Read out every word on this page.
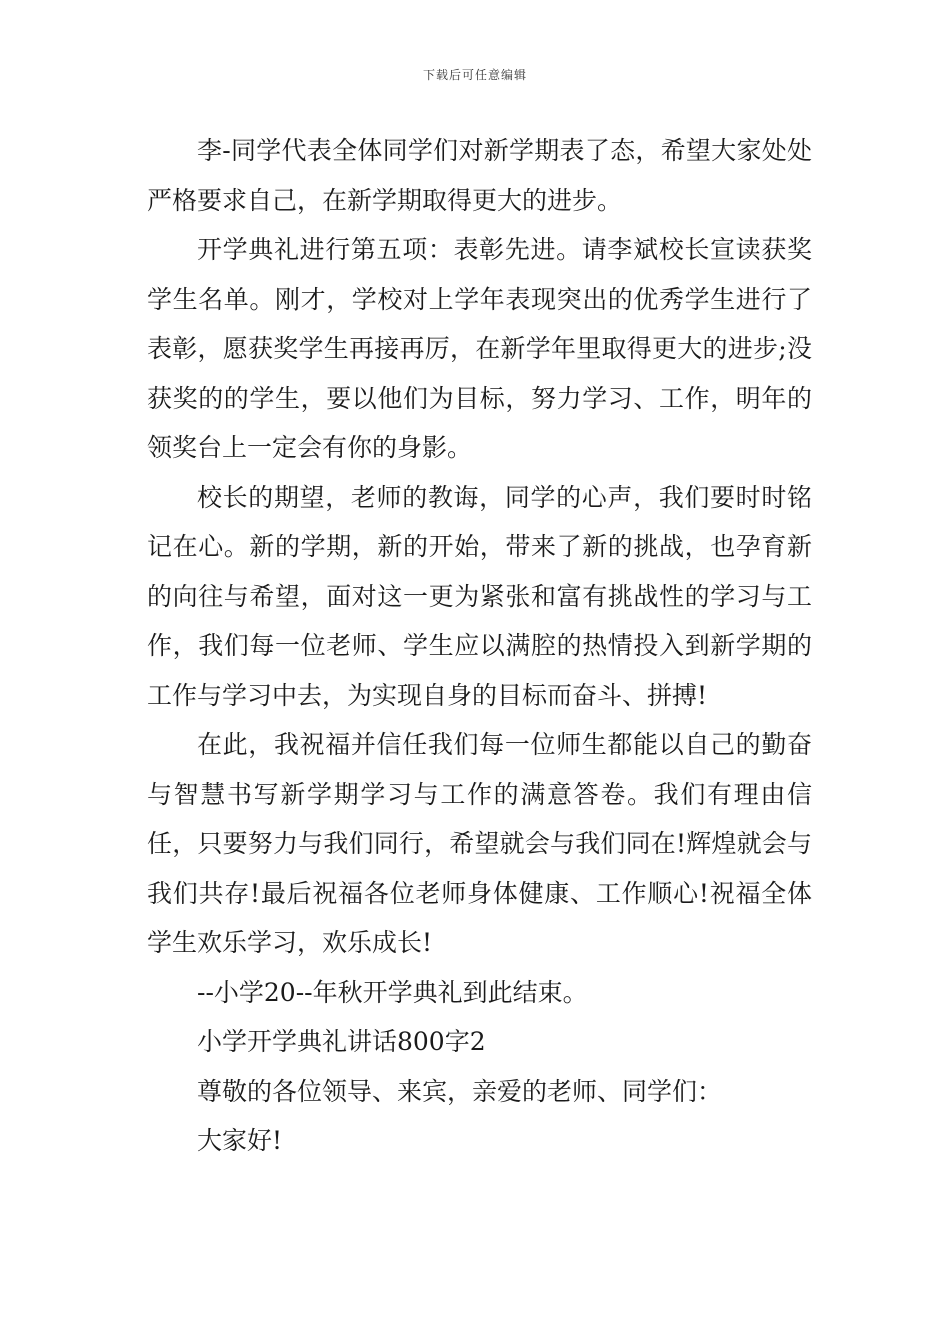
下载后可任意编辑

李-同学代表全体同学们对新学期表了态，希望大家处处严格要求自己，在新学期取得更大的进步。

开学典礼进行第五项：表彰先进。请李斌校长宣读获奖学生名单。刚才，学校对上学年表现突出的优秀学生进行了表彰，愿获奖学生再接再厉，在新学年里取得更大的进步;没获奖的的学生，要以他们为目标，努力学习、工作，明年的领奖台上一定会有你的身影。

校长的期望，老师的教诲，同学的心声，我们要时时铭记在心。新的学期，新的开始，带来了新的挑战，也孕育新的向往与希望，面对这一更为紧张和富有挑战性的学习与工作，我们每一位老师、学生应以满腔的热情投入到新学期的工作与学习中去，为实现自身的目标而奋斗、拼搏!

在此，我祝福并信任我们每一位师生都能以自己的勤奋与智慧书写新学期学习与工作的满意答卷。我们有理由信任，只要努力与我们同行，希望就会与我们同在!辉煌就会与我们共存!最后祝福各位老师身体健康、工作顺心!祝福全体学生欢乐学习，欢乐成长!

--小学20--年秋开学典礼到此结束。

小学开学典礼讲话800字2

尊敬的各位领导、来宾，亲爱的老师、同学们：

大家好!
